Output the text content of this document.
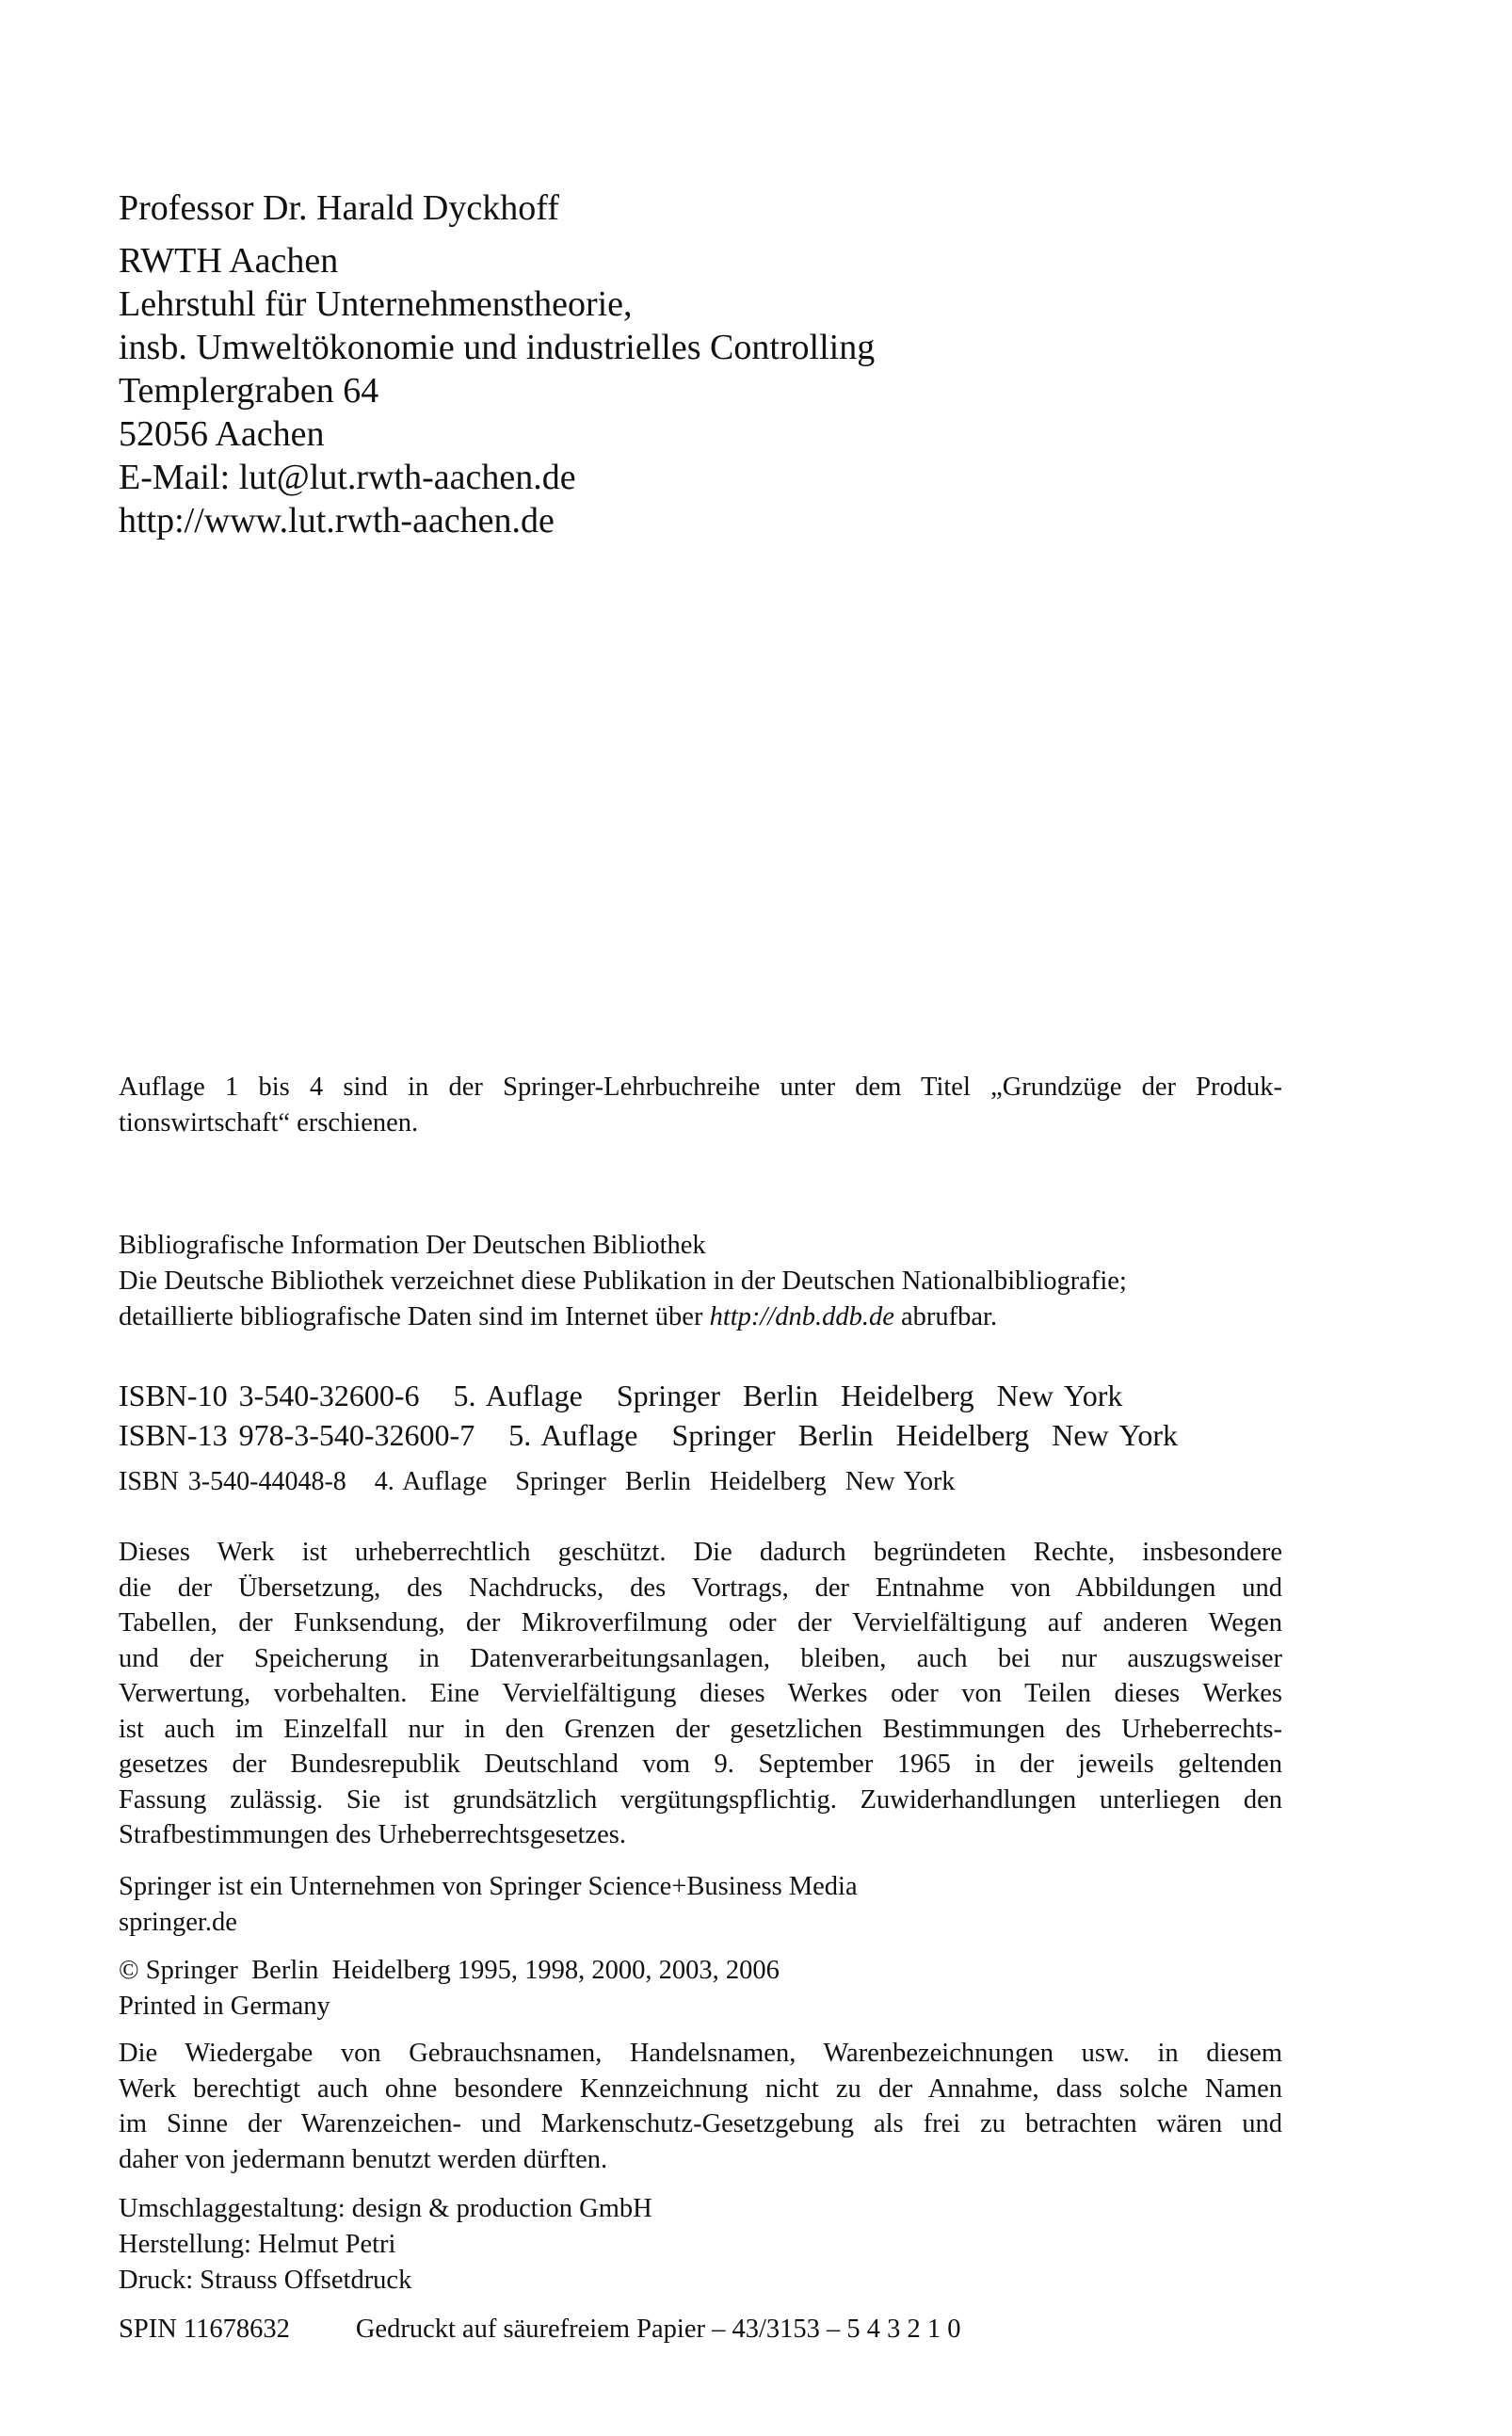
Professor Dr. Harald Dyckhoff
RWTH Aachen
Lehrstuhl für Unternehmenstheorie,
insb. Umweltökonomie und industrielles Controlling
Templergraben 64
52056 Aachen
E-Mail: lut@lut.rwth-aachen.de
http://www.lut.rwth-aachen.de
Auflage 1 bis 4 sind in der Springer-Lehrbuchreihe unter dem Titel „Grundzüge der Produk-
tionswirtschaft“ erschienen.
Bibliografische Information Der Deutschen Bibliothek
Die Deutsche Bibliothek verzeichnet diese Publikation in der Deutschen Nationalbibliografie;
detaillierte bibliografische Daten sind im Internet über http://dnb.ddb.de abrufbar.
ISBN-10 3-540-32600-6   5. Auflage   Springer  Berlin  Heidelberg  New York
ISBN-13 978-3-540-32600-7   5. Auflage   Springer  Berlin  Heidelberg  New York
ISBN 3-540-44048-8   4. Auflage   Springer  Berlin  Heidelberg  New York
Dieses Werk ist urheberrechtlich geschützt. Die dadurch begründeten Rechte, insbesondere
die der Übersetzung, des Nachdrucks, des Vortrags, der Entnahme von Abbildungen und
Tabellen, der Funksendung, der Mikroverfilmung oder der Vervielfältigung auf anderen Wegen
und der Speicherung in Datenverarbeitungsanlagen, bleiben, auch bei nur auszugsweiser
Verwertung, vorbehalten. Eine Vervielfältigung dieses Werkes oder von Teilen dieses Werkes
ist auch im Einzelfall nur in den Grenzen der gesetzlichen Bestimmungen des Urheberrechts-
gesetzes der Bundesrepublik Deutschland vom 9. September 1965 in der jeweils geltenden
Fassung zulässig. Sie ist grundsätzlich vergütungspflichtig. Zuwiderhandlungen unterliegen den
Strafbestimmungen des Urheberrechtsgesetzes.
Springer ist ein Unternehmen von Springer Science+Business Media
springer.de
© Springer  Berlin  Heidelberg 1995, 1998, 2000, 2003, 2006
Printed in Germany
Die Wiedergabe von Gebrauchsnamen, Handelsnamen, Warenbezeichnungen usw. in diesem
Werk berechtigt auch ohne besondere Kennzeichnung nicht zu der Annahme, dass solche Namen
im Sinne der Warenzeichen- und Markenschutz-Gesetzgebung als frei zu betrachten wären und
daher von jedermann benutzt werden dürften.
Umschlaggestaltung: design & production GmbH
Herstellung: Helmut Petri
Druck: Strauss Offsetdruck
SPIN 11678632 Gedruckt auf säurefreiem Papier – 43/3153 – 5 4 3 2 1 0
